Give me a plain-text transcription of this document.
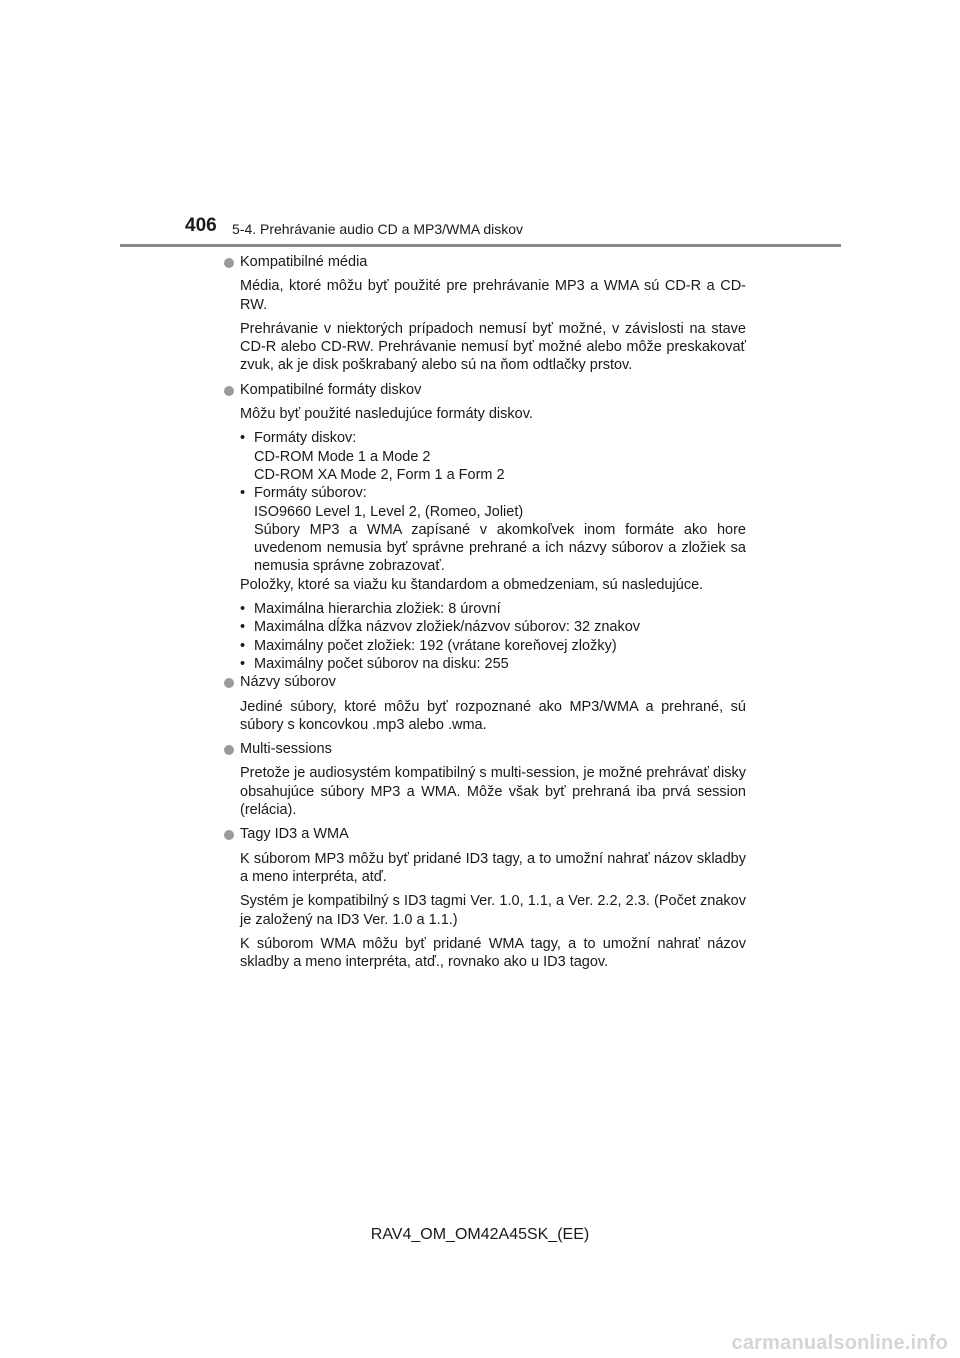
406 5-4. Prehrávanie audio CD a MP3/WMA diskov

Kompatibilné média

Média, ktoré môžu byť použité pre prehrávanie MP3 a WMA sú CD-R a CD-RW.

Prehrávanie v niektorých prípadoch nemusí byť možné, v závislosti na stave CD-R alebo CD-RW. Prehrávanie nemusí byť možné alebo môže preskakovať zvuk, ak je disk poškrabaný alebo sú na ňom odtlačky prstov.

Kompatibilné formáty diskov

Môžu byť použité nasledujúce formáty diskov.

• Formáty diskov:
CD-ROM Mode 1 a Mode 2
CD-ROM XA Mode 2, Form 1 a Form 2
• Formáty súborov:
ISO9660 Level 1, Level 2, (Romeo, Joliet)
Súbory MP3 a WMA zapísané v akomkoľvek inom formáte ako hore uvedenom nemusia byť správne prehrané a ich názvy súborov a zložiek sa nemusia správne zobrazovať.

Položky, ktoré sa viažu ku štandardom a obmedzeniam, sú nasledujúce.

• Maximálna hierarchia zložiek: 8 úrovní
• Maximálna dĺžka názvov zložiek/názvov súborov: 32 znakov
• Maximálny počet zložiek: 192 (vrátane koreňovej zložky)
• Maximálny počet súborov na disku: 255

Názvy súborov

Jediné súbory, ktoré môžu byť rozpoznané ako MP3/WMA a prehrané, sú súbory s koncovkou .mp3 alebo .wma.

Multi-sessions

Pretože je audiosystém kompatibilný s multi-session, je možné prehrávať disky obsahujúce súbory MP3 a WMA. Môže však byť prehraná iba prvá session (relácia).

Tagy ID3 a WMA

K súborom MP3 môžu byť pridané ID3 tagy, a to umožní nahrať názov skladby a meno interpréta, atď.

Systém je kompatibilný s ID3 tagmi Ver. 1.0, 1.1, a Ver. 2.2, 2.3. (Počet znakov je založený na ID3 Ver. 1.0 a 1.1.)

K súborom WMA môžu byť pridané WMA tagy, a to umožní nahrať názov skladby a meno interpréta, atď., rovnako ako u ID3 tagov.

RAV4_OM_OM42A45SK_(EE)
carmanualsonline.info
